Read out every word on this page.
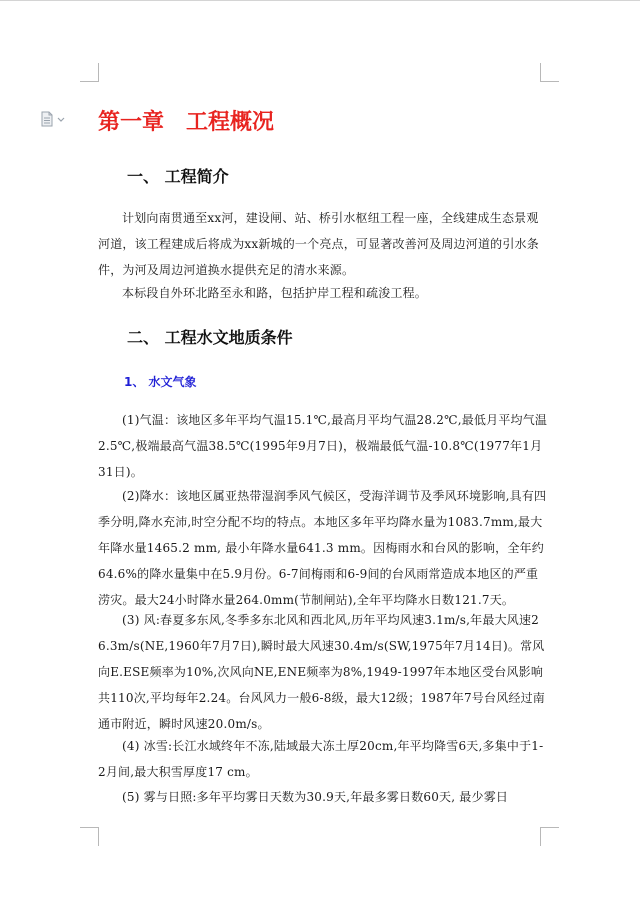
第一章　工程概况
一、 工程简介

计划向南贯通至xx河，建设闸、站、桥引水枢纽工程一座，全线建成生态景观河道，该工程建成后将成为xx新城的一个亮点，可显著改善河及周边河道的引水条件，为河及周边河道换水提供充足的清水来源。

本标段自外环北路至永和路，包括护岸工程和疏浚工程。

二、 工程水文地质条件
1、 水文气象

(1)气温：该地区多年平均气温15.1℃,最高月平均气温28.2℃,最低月平均气温2.5℃,极端最高气温38.5℃(1995年9月7日)，极端最低气温-10.8℃(1977年1月31日)。

(2)降水：该地区属亚热带湿润季风气候区，受海洋调节及季风环境影响,具有四季分明,降水充沛,时空分配不均的特点。本地区多年平均降水量为1083.7mm,最大年降水量1465.2 mm, 最小年降水量641.3 mm。因梅雨水和台风的影响，全年约64.6%的降水量集中在5.9月份。6-7间梅雨和6-9间的台风雨常造成本地区的严重涝灾。最大24小时降水量264.0mm(节制闸站),全年平均降水日数121.7天。

(3) 风:春夏多东风,冬季多东北风和西北风,历年平均风速3.1m/s,年最大风速26.3m/s(NE,1960年7月7日),瞬时最大风速30.4m/s(SW,1975年7月14日)。常风向E.ESE频率为10%,次风向NE,ENE频率为8%,1949-1997年本地区受台风影响共110次,平均每年2.24。台风风力一般6-8级，最大12级；1987年7号台风经过南通市附近，瞬时风速20.0m/s。

(4) 冰雪:长江水域终年不冻,陆域最大冻土厚20cm,年平均降雪6天,多集中于1-2月间,最大积雪厚度17 cm。

(5) 雾与日照:多年平均雾日天数为30.9天,年最多雾日数60天, 最少雾日
